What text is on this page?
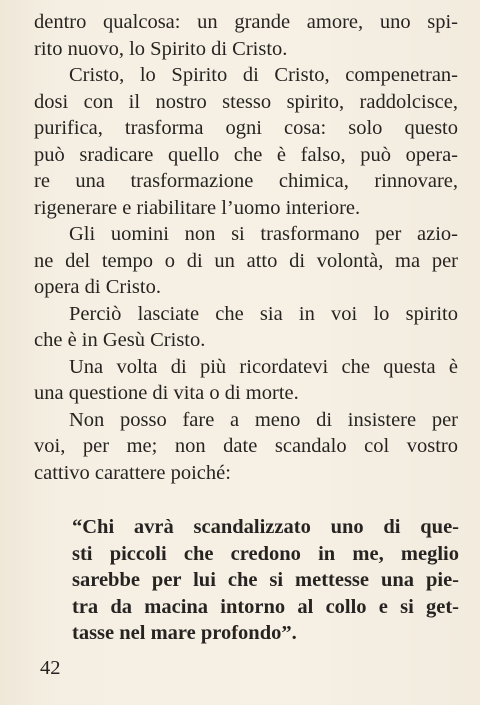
dentro qualcosa: un grande amore, uno spi-
rito nuovo, lo Spirito di Cristo.
Cristo, lo Spirito di Cristo, compenetran-
dosi con il nostro stesso spirito, raddolcisce,
purifica, trasforma ogni cosa: solo questo
può sradicare quello che è falso, può opera-
re una trasformazione chimica, rinnovare,
rigenerare e riabilitare l’uomo interiore.
Gli uomini non si trasformano per azio-
ne del tempo o di un atto di volontà, ma per
opera di Cristo.
Perciò lasciate che sia in voi lo spirito
che è in Gesù Cristo.
Una volta di più ricordatevi che questa è
una questione di vita o di morte.
Non posso fare a meno di insistere per
voi, per me; non date scandalo col vostro
cattivo carattere poiché:
“Chi avrà scandalizzato uno di que-
sti piccoli che credono in me, meglio
sarebbe per lui che si mettesse una pie-
tra da macina intorno al collo e si get-
tasse nel mare profondo”.
42
